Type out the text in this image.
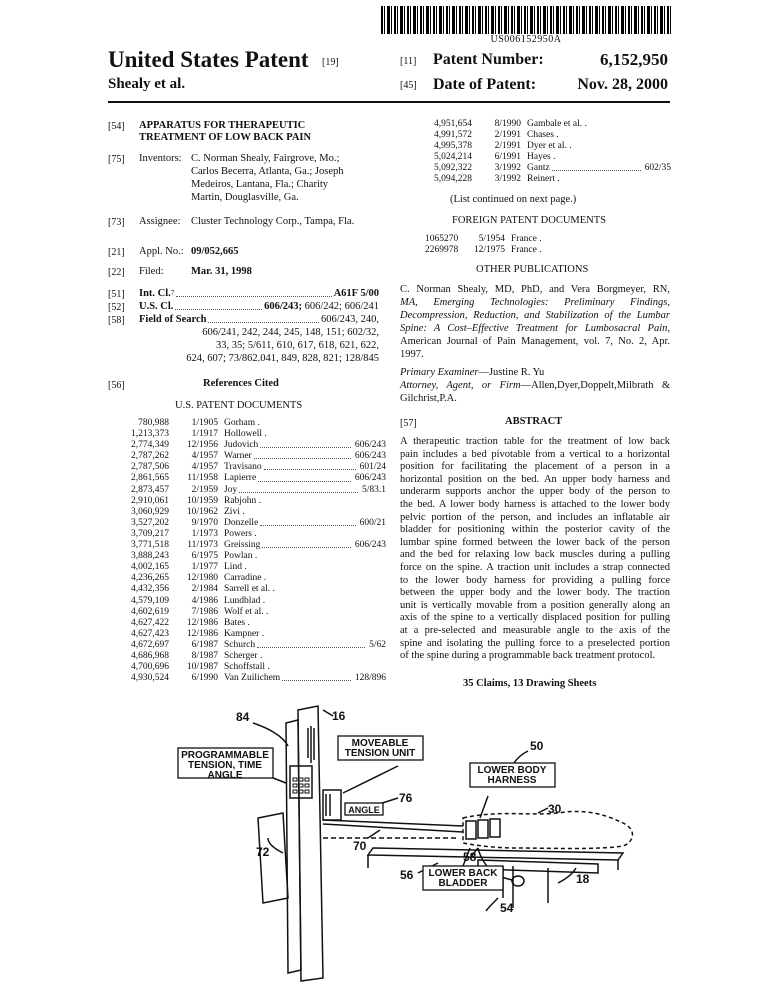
US006152950A
United States Patent [19]
Shealy et al.
[11] Patent Number:	6,152,950
[45] Date of Patent:	Nov. 28, 2000
[54] APPARATUS FOR THERAPEUTIC
TREATMENT OF LOW BACK PAIN
[75] Inventors: C. Norman Shealy, Fairgrove, Mo.;
Carlos Becerra, Atlanta, Ga.; Joseph
Medeiros, Lantana, Fla.; Charity
Martin, Douglasville, Ga.
[73] Assignee: Cluster Technology Corp., Tampa, Fla.
[21] Appl. No.: 09/052,665
[22] Filed:	Mar. 31, 1998
[51] Int. Cl. 7	A61F 5/00
[52] U.S. Cl.	606/243; 606/242; 606/241
[58] Field of Search	606/243, 240,
606/241, 242, 244, 245, 148, 151; 602/32,
33, 35; 5/611, 610, 617, 618, 621, 622,
624, 607; 73/862.041, 849, 828, 821; 128/845
[56]	References Cited
U.S. PATENT DOCUMENTS
780,988	1/1905 Gorham .
1,213,373	1/1917 Hollowell .
2,774,349	12/1956 Judovich	606/243
2,787,262	4/1957 Warner	606/243
2,787,506	4/1957 Travisano	601/24
2,861,565	11/1958 Lapierre	606/243
2,873,457	2/1959 Joy	5/83.1
2,910,061	10/1959 Rabjohn .
3,060,929	10/1962 Zivi .
3,527,202	9/1970 Donzelle	600/21
3,709,217	1/1973 Powers .
3,771,518	11/1973 Greissing	606/243
3,888,243	6/1975 Powlan .
4,002,165	1/1977 Lind .
4,236,265	12/1980 Carradine .
4,432,356	2/1984 Sarrell et al. .
4,579,109	4/1986 Lundblad .
4,602,619	7/1986 Wolf et al. .
4,627,422	12/1986 Bates .
4,627,423	12/1986 Kampner .
4,672,697	6/1987 Schurch	5/62
4,686,968	8/1987 Scherger .
4,700,696	10/1987 Schoffstall .
4,930,524	6/1990 Van Zuilichem	128/896
4,951,654	8/1990 Gambale et al. .
4,991,572	2/1991 Chases .
4,995,378	2/1991 Dyer et al. .
5,024,214	6/1991 Hayes .
5,092,322	3/1992 Gantz	602/35
5,094,228	3/1992 Reinert .
(List continued on next page.)
FOREIGN PATENT DOCUMENTS
1065270	5/1954 France .
2269978	12/1975 France .
OTHER PUBLICATIONS
C. Norman Shealy, MD, PhD, and Vera Borgmeyer, RN,
MA, Emerging Technologies: Preliminary Findings,
Decompression, Reduction, and Stabilization of the Lumbar
Spine: A Cost–Effective Treatment for Lumbosacral Pain,
American Journal of Pain Management, vol. 7, No. 2, Apr.
1997.
Primary Examiner—Justine R. Yu
Attorney, Agent, or Firm—Allen,Dyer,Doppelt,Milbrath &
Gilchrist,P.A.
[57]	ABSTRACT
A therapeutic traction table for the treatment of low back
pain includes a bed pivotable from a vertical to a horizontal
position for facilitating the placement of a person in a
horizontal position on the bed. An upper body harness and
underarm supports anchor the upper body of the person to
the bed. A lower body harness is attached to the lower body
pelvic portion of the person, and includes an inflatable air
bladder for positioning within the posterior cavity of the
lumbar spine formed between the lower back of the person
and the bed for relaxing low back muscles during a pulling
force on the spine. A traction unit includes a strap connected
to the lower body harness for providing a pulling force
between the upper body and the lower body. The traction
unit is vertically movable from a position generally along an
axis of the spine to a vertically displaced position for pulling
at a pre-selected and measurable angle to the axis of the
spine and isolating the pulling force to a preselected portion
of the spine during a programmable back treatment protocol.
35 Claims, 13 Drawing Sheets
PROGRAMMABLE
TENSION, TIME
ANGLE
MOVEABLE
TENSION UNIT
LOWER BODY
HARNESS
ANGLE
LOWER BACK
BLADDER
84	16
50
76
30
72	70
58
56	18
54
